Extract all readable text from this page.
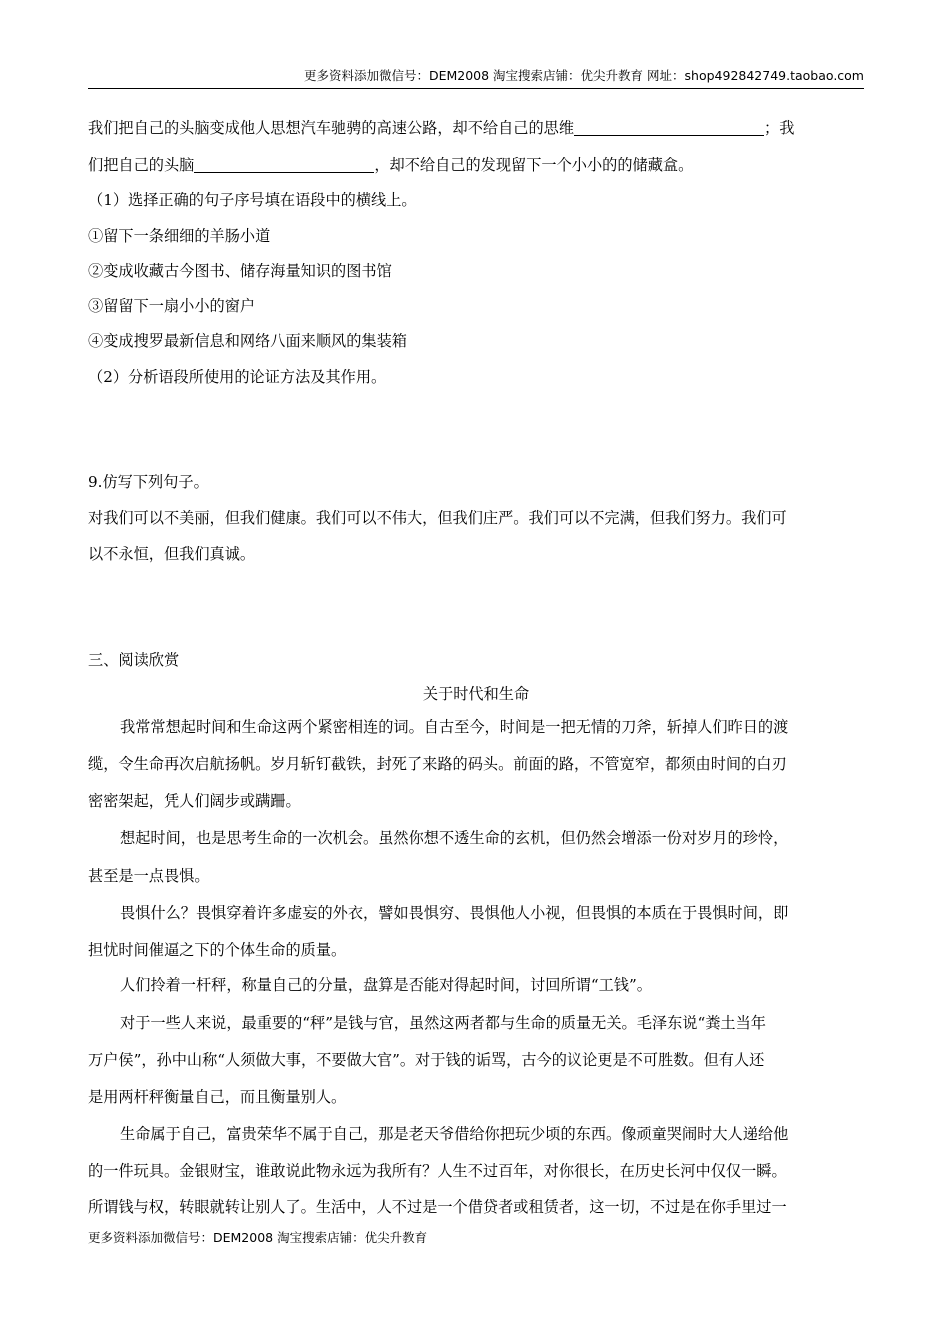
更多资料添加微信号：DEM2008 淘宝搜索店铺：优尖升教育 网址：shop492842749.taobao.com
我们把自己的头脑变成他人思想汽车驰骋的高速公路，却不给自己的思维	；我
们把自己的头脑	，却不给自己的发现留下一个小小的的储藏盒。
（1）选择正确的句子序号填在语段中的横线上。
①留下一条细细的羊肠小道
②变成收藏古今图书、储存海量知识的图书馆
③留留下一扇小小的窗户
④变成搜罗最新信息和网络八面来顺风的集装箱
（2）分析语段所使用的论证方法及其作用。
9.仿写下列句子。
对我们可以不美丽，但我们健康。我们可以不伟大，但我们庄严。我们可以不完满，但我们努力。我们可
以不永恒，但我们真诚。
三、阅读欣赏
关于时代和生命
我常常想起时间和生命这两个紧密相连的词。自古至今，时间是一把无情的刀斧，斩掉人们昨日的渡
缆，令生命再次启航扬帆。岁月斩钉截铁，封死了来路的码头。前面的路，不管宽窄，都须由时间的白刃
密密架起，凭人们阔步或蹒跚。
想起时间，也是思考生命的一次机会。虽然你想不透生命的玄机，但仍然会增添一份对岁月的珍怜，
甚至是一点畏惧。
畏惧什么？畏惧穿着许多虚妄的外衣，譬如畏惧穷、畏惧他人小视，但畏惧的本质在于畏惧时间，即
担忧时间催逼之下的个体生命的质量。
人们拎着一杆秤，称量自己的分量，盘算是否能对得起时间，讨回所谓“工钱”。
对于一些人来说，最重要的“秤”是钱与官，虽然这两者都与生命的质量无关。毛泽东说“粪土当年
万户侯”，孙中山称“人须做大事，不要做大官”。对于钱的诟骂，古今的议论更是不可胜数。但有人还
是用两杆秤衡量自己，而且衡量别人。
生命属于自己，富贵荣华不属于自己，那是老天爷借给你把玩少顷的东西。像顽童哭闹时大人递给他
的一件玩具。金银财宝，谁敢说此物永远为我所有？人生不过百年，对你很长，在历史长河中仅仅一瞬。
所谓钱与权，转眼就转让别人了。生活中，人不过是一个借贷者或租赁者，这一切，不过是在你手里过一
更多资料添加微信号：DEM2008 淘宝搜索店铺：优尖升教育
